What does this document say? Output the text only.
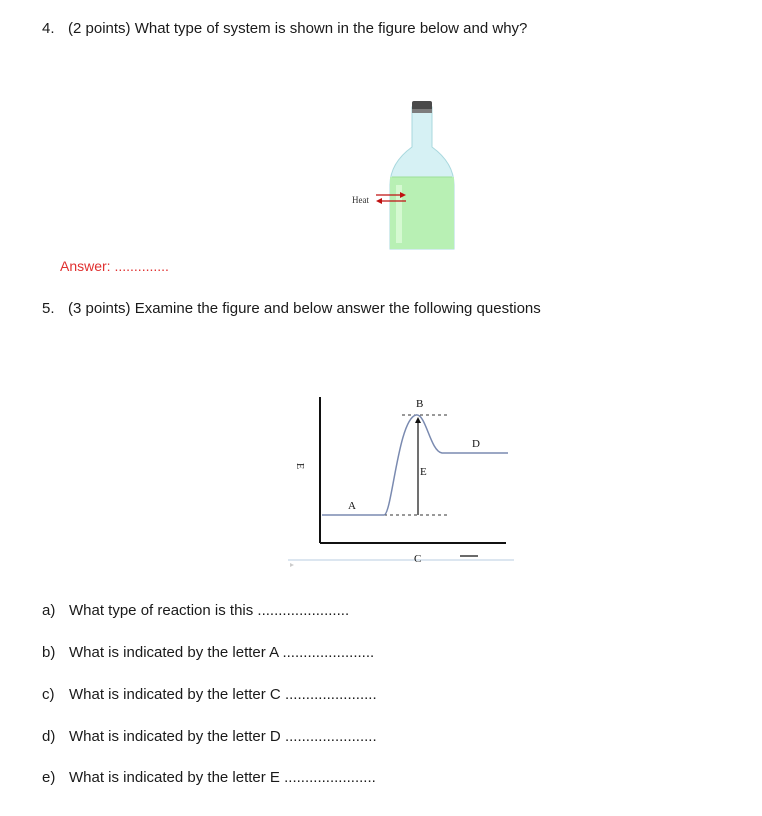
4. (2 points) What type of system is shown in the figure below and why?
Heat
Answer: ..............
5. (3 points) Examine the figure and below answer the following questions
E
B
A
E
D
C
a) What type of reaction is this ......................
b) What is indicated by the letter A ......................
c) What is indicated by the letter C ......................
d) What is indicated by the letter D ......................
e) What is indicated by the letter E ......................
